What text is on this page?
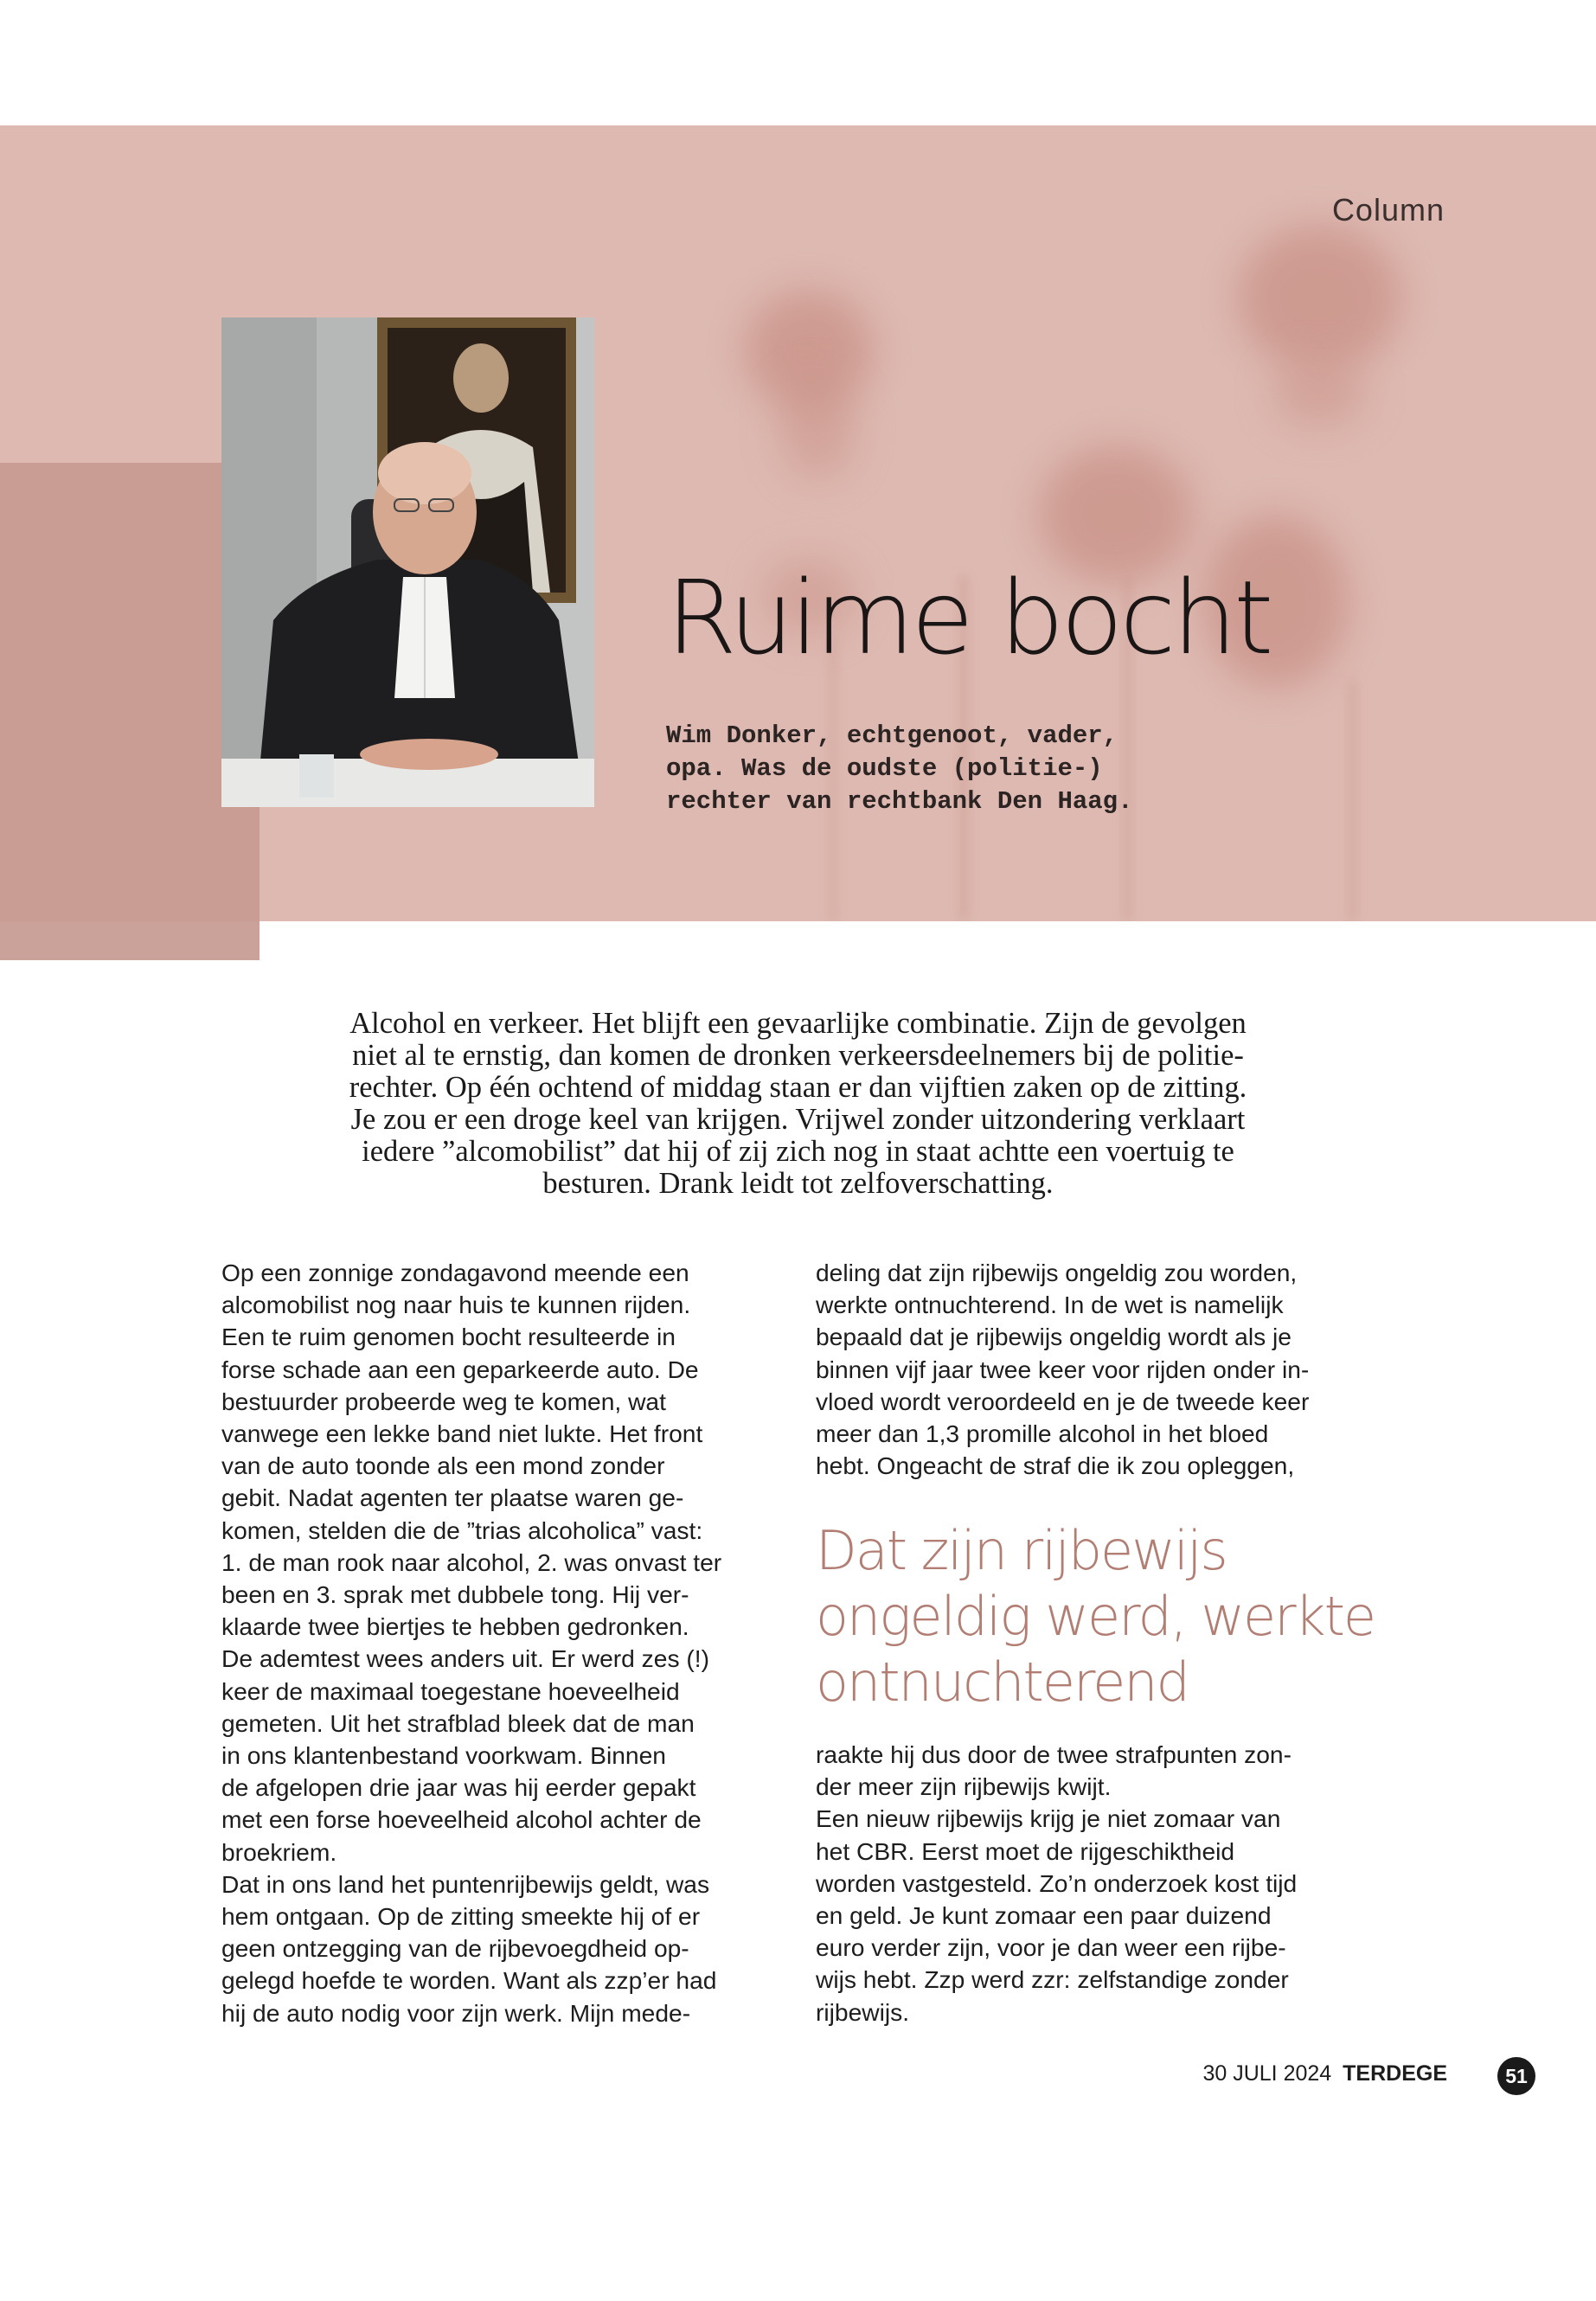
Column
Ruime bocht
Wim Donker, echtgenoot, vader,
opa. Was de oudste (politie-)
rechter van rechtbank Den Haag.

Alcohol en verkeer. Het blijft een gevaarlijke combinatie. Zijn de gevolgen

niet al te ernstig, dan komen de dronken verkeersdeelnemers bij de politie-

rechter. Op één ochtend of middag staan er dan vijftien zaken op de zitting.

Je zou er een droge keel van krijgen. Vrijwel zonder uitzondering verklaart

iedere ”alcomobilist” dat hij of zij zich nog in staat achtte een voertuig te

besturen. Drank leidt tot zelfoverschatting.

Op een zonnige zondagavond meende een

alcomobilist nog naar huis te kunnen rijden.

Een te ruim genomen bocht resulteerde in

forse schade aan een geparkeerde auto. De

bestuurder probeerde weg te komen, wat

vanwege een lekke band niet lukte. Het front

van de auto toonde als een mond zonder

gebit. Nadat agenten ter plaatse waren ge-

komen, stelden die de ”trias alcoholica” vast:

1. de man rook naar alcohol, 2. was onvast ter

been en 3. sprak met dubbele tong. Hij ver-

klaarde twee biertjes te hebben gedronken.

De ademtest wees anders uit. Er werd zes (!)

keer de maximaal toegestane hoeveelheid

gemeten. Uit het strafblad bleek dat de man

in ons klantenbestand voorkwam. Binnen

de afgelopen drie jaar was hij eerder gepakt

met een forse hoeveelheid alcohol achter de

broekriem.

Dat in ons land het puntenrijbewijs geldt, was

hem ontgaan. Op de zitting smeekte hij of er

geen ontzegging van de rijbevoegdheid op-

gelegd hoefde te worden. Want als zzp’er had

hij de auto nodig voor zijn werk. Mijn mede-

deling dat zijn rijbewijs ongeldig zou worden,

werkte ontnuchterend. In de wet is namelijk

bepaald dat je rijbewijs ongeldig wordt als je

binnen vijf jaar twee keer voor rijden onder in-

vloed wordt veroordeeld en je de tweede keer

meer dan 1,3 promille alcohol in het bloed

hebt. Ongeacht de straf die ik zou opleggen,

Dat zijn rijbewijs
ongeldig werd, werkte
ontnuchterend

raakte hij dus door de twee strafpunten zon-

der meer zijn rijbewijs kwijt.

Een nieuw rijbewijs krijg je niet zomaar van

het CBR. Eerst moet de rijgeschiktheid

worden vastgesteld. Zo’n onderzoek kost tijd

en geld. Je kunt zomaar een paar duizend

euro verder zijn, voor je dan weer een rijbe-

wijs hebt. Zzp werd zzr: zelfstandige zonder

rijbewijs.

30 JULI 2024 TERDEGE	51
